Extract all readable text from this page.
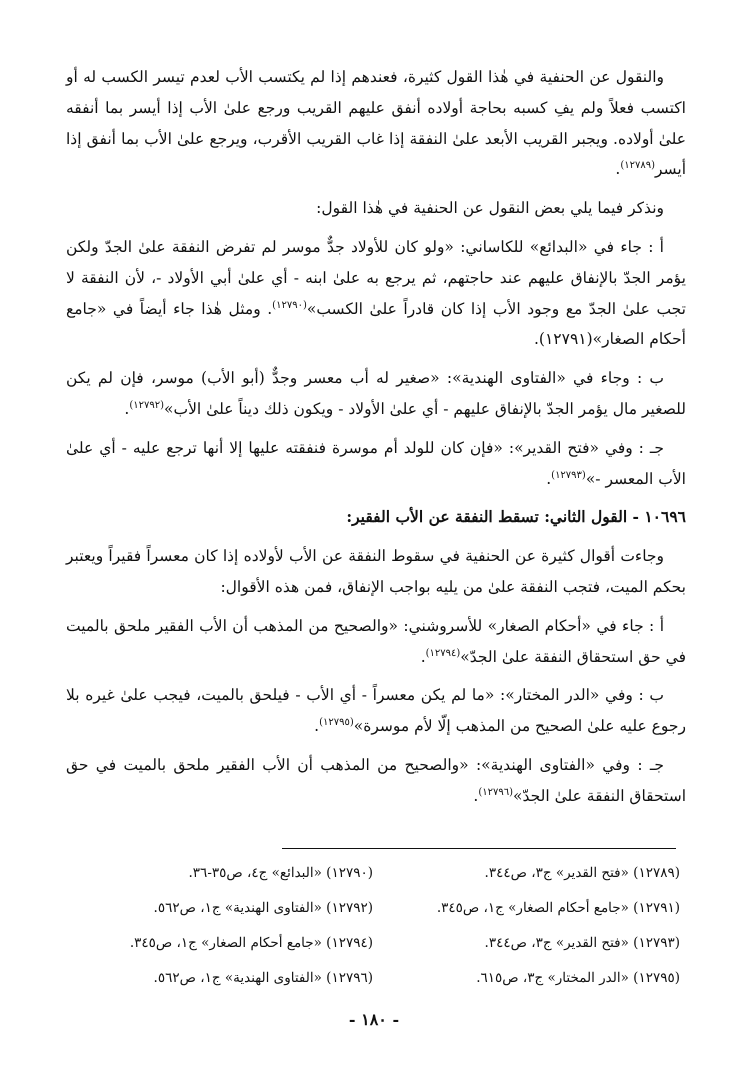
والنقول عن الحنفية في هٰذا القول كثيرة، فعندهم إذا لم يكتسب الأب لعدم تيسر الكسب له أو اكتسب فعلاً ولم يفِ كسبه بحاجة أولاده أنفق عليهم القريب ورجع علىٰ الأب إذا أيسر بما أنفقه علىٰ أولاده. ويجبر القريب الأبعد علىٰ النفقة إذا غاب القريب الأقرب، ويرجع علىٰ الأب بما أنفق إذا أيسر$^{(١٢٧٨٩)}$.

ونذكر فيما يلي بعض النقول عن الحنفية في هٰذا القول:

أ : جاء في «البدائع» للكاساني: «ولو كان للأولاد جدٌّ موسر لم تفرض النفقة علىٰ الجدّ ولكن يؤمر الجدّ بالإنفاق عليهم عند حاجتهم، ثم يرجع به علىٰ ابنه - أي علىٰ أبي الأولاد -، لأن النفقة لا تجب علىٰ الجدّ مع وجود الأب إذا كان قادراً علىٰ الكسب»$^{(١٢٧٩٠)}$. ومثل هٰذا جاء أيضاً في «جامع أحكام الصغار»(١٢٧٩١).

ب : وجاء في «الفتاوى الهندية»: «صغير له أب معسر وجدٌّ (أبو الأب) موسر، فإن لم يكن للصغير مال يؤمر الجدّ بالإنفاق عليهم - أي علىٰ الأولاد - ويكون ذلك ديناً علىٰ الأب»$^{(١٢٧٩٢)}$.

جـ : وفي «فتح القدير»: «فإن كان للولد أم موسرة فنفقته عليها إلا أنها ترجع عليه - أي علىٰ الأب المعسر -»$^{(١٢٧٩٣)}$.

١٠٦٩٦ - القول الثاني: تسقط النفقة عن الأب الفقير:

وجاءت أقوال كثيرة عن الحنفية في سقوط النفقة عن الأب لأولاده إذا كان معسراً فقيراً ويعتبر بحكم الميت، فتجب النفقة علىٰ من يليه بواجب الإنفاق، فمن هذه الأقوال:

أ : جاء في «أحكام الصغار» للأسروشني: «والصحيح من المذهب أن الأب الفقير ملحق بالميت في حق استحقاق النفقة علىٰ الجدّ»$^{(١٢٧٩٤)}$.

ب : وفي «الدر المختار»: «ما لم يكن معسراً - أي الأب - فيلحق بالميت، فيجب علىٰ غيره بلا رجوع عليه علىٰ الصحيح من المذهب إلّا لأم موسرة»$^{(١٢٧٩٥)}$.

جـ : وفي «الفتاوى الهندية»: «والصحيح من المذهب أن الأب الفقير ملحق بالميت في حق استحقاق النفقة علىٰ الجدّ»$^{(١٢٧٩٦)}$.

(١٢٧٨٩) «فتح القدير» ج٣، ص٣٤٤.
(١٢٧٩٠) «البدائع» ج٤، ص٣٥-٣٦.
(١٢٧٩١) «جامع أحكام الصغار» ج١، ص٣٤٥.
(١٢٧٩٢) «الفتاوى الهندية» ج١، ص٥٦٢.
(١٢٧٩٣) «فتح القدير» ج٣، ص٣٤٤.
(١٢٧٩٤) «جامع أحكام الصغار» ج١، ص٣٤٥.
(١٢٧٩٥) «الدر المختار» ج٣، ص٦١٥.
(١٢٧٩٦) «الفتاوى الهندية» ج١، ص٥٦٢.
- ١٨٠ -
